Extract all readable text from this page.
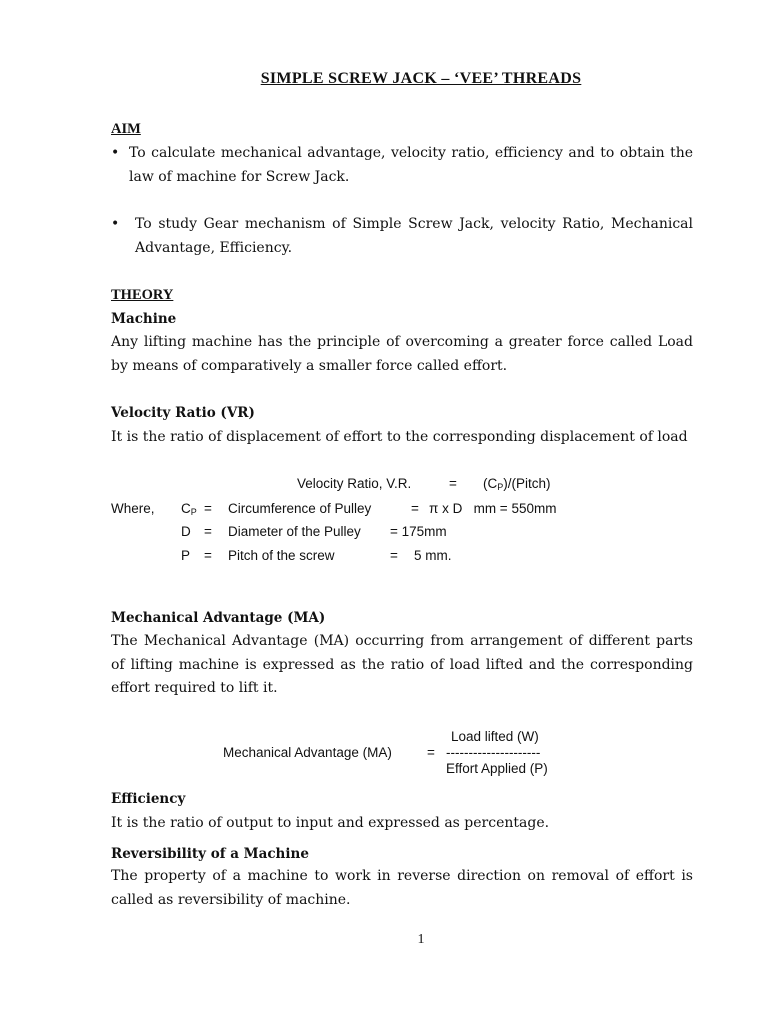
SIMPLE SCREW JACK – ‘VEE’ THREADS
AIM
• To calculate mechanical advantage, velocity ratio, efficiency and to obtain the law of machine for Screw Jack.
• To study Gear mechanism of Simple Screw Jack, velocity Ratio, Mechanical Advantage, Efficiency.
THEORY
Machine
Any lifting machine has the principle of overcoming a greater force called Load by means of comparatively a smaller force called effort.
Velocity Ratio (VR)
It is the ratio of displacement of effort to the corresponding displacement of load
Velocity Ratio, V.R.	= $(C_P)/(Pitch)$
Where, $C_P$ = Circumference of Pulley	= π x D   mm = 550mm
D = Diameter of the Pulley = 175mm
P = Pitch of the screw	= 5 mm.
Mechanical Advantage (MA)
The Mechanical Advantage (MA) occurring from arrangement of different parts of lifting machine is expressed as the ratio of load lifted and the corresponding effort required to lift it.
Load lifted (W)
Mechanical Advantage (MA)	= ---------------------
Effort Applied (P)
Efficiency
It is the ratio of output to input and expressed as percentage.
Reversibility of a Machine
The property of a machine to work in reverse direction on removal of effort is called as reversibility of machine.
1
